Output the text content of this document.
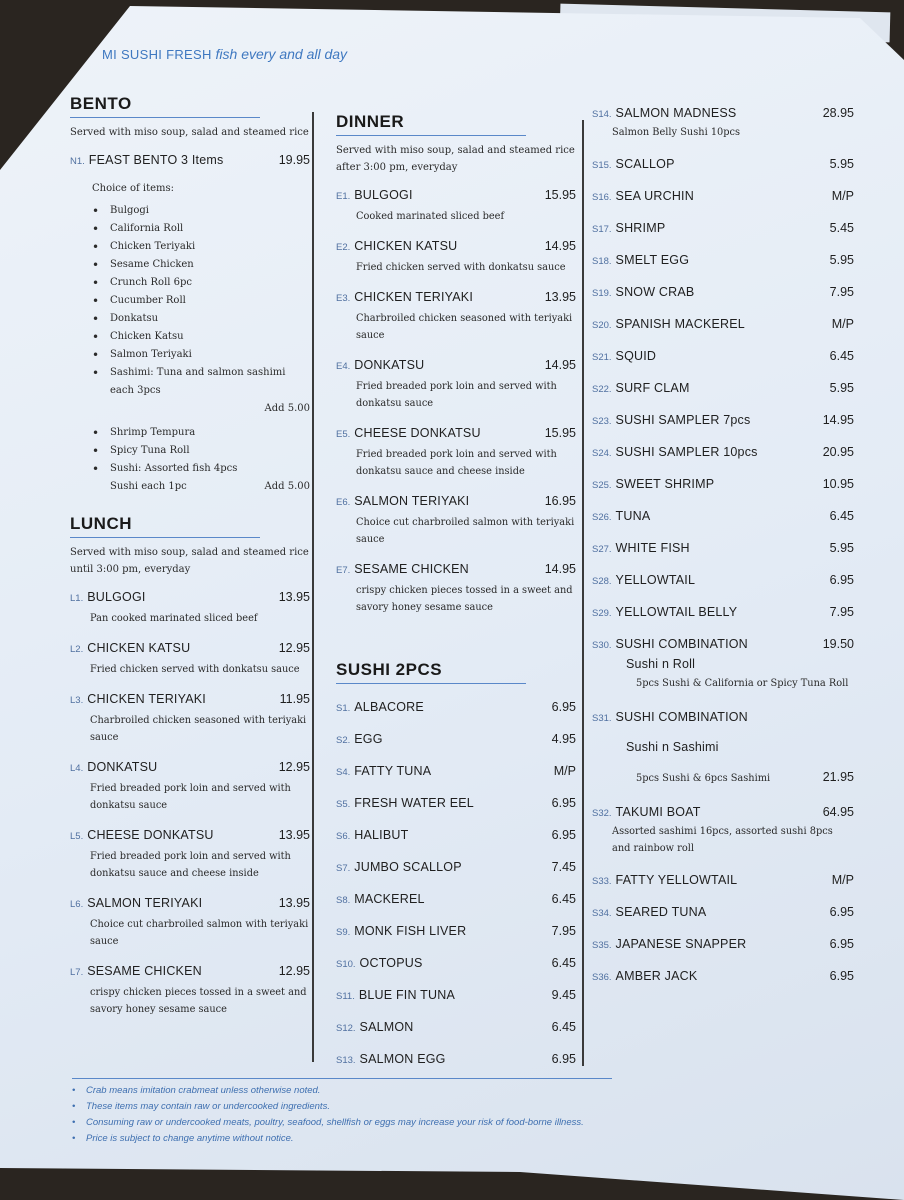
MI SUSHI FRESH fish every and all day
BENTO
Served with miso soup, salad and steamed rice
N1. FEAST BENTO 3 Items	19.95
Choice of items:
• Bulgogi
• California Roll
• Chicken Teriyaki
• Sesame Chicken
• Crunch Roll 6pc
• Cucumber Roll
• Donkatsu
• Chicken Katsu
• Salmon Teriyaki
• Sashimi: Tuna and salmon sashimi each 3pcs
Add 5.00
• Shrimp Tempura
• Spicy Tuna Roll
• Sushi: Assorted fish 4pcs
Sushi each 1pc	Add 5.00
LUNCH
Served with miso soup, salad and steamed rice until 3:00 pm, everyday
L1. BULGOGI	13.95
Pan cooked marinated sliced beef
L2. CHICKEN KATSU	12.95
Fried chicken served with donkatsu sauce
L3. CHICKEN TERIYAKI	11.95
Charbroiled chicken seasoned with teriyaki sauce
L4. DONKATSU	12.95
Fried breaded pork loin and served with donkatsu sauce
L5. CHEESE DONKATSU	13.95
Fried breaded pork loin and served with donkatsu sauce and cheese inside
L6. SALMON TERIYAKI	13.95
Choice cut charbroiled salmon with teriyaki sauce
L7. SESAME CHICKEN	12.95
crispy chicken pieces tossed in a sweet and savory honey sesame sauce
DINNER
Served with miso soup, salad and steamed rice after 3:00 pm, everyday
E1. BULGOGI	15.95
Cooked marinated sliced beef
E2. CHICKEN KATSU	14.95
Fried chicken served with donkatsu sauce
E3. CHICKEN TERIYAKI	13.95
Charbroiled chicken seasoned with teriyaki sauce
E4. DONKATSU	14.95
Fried breaded pork loin and served with donkatsu sauce
E5. CHEESE DONKATSU	15.95
Fried breaded pork loin and served with donkatsu sauce and cheese inside
E6. SALMON TERIYAKI	16.95
Choice cut charbroiled salmon with teriyaki sauce
E7. SESAME CHICKEN	14.95
crispy chicken pieces tossed in a sweet and savory honey sesame sauce
SUSHI 2PCS
S1. ALBACORE	6.95
S2. EGG	4.95
S4. FATTY TUNA	M/P
S5. FRESH WATER EEL	6.95
S6. HALIBUT	6.95
S7. JUMBO SCALLOP	7.45
S8. MACKEREL	6.45
S9. MONK FISH LIVER	7.95
S10. OCTOPUS	6.45
S11. BLUE FIN TUNA	9.45
S12. SALMON	6.45
S13. SALMON EGG	6.95
S14. SALMON MADNESS	28.95
Salmon Belly Sushi 10pcs
S15. SCALLOP	5.95
S16. SEA URCHIN	M/P
S17. SHRIMP	5.45
S18. SMELT EGG	5.95
S19. SNOW CRAB	7.95
S20. SPANISH MACKEREL	M/P
S21. SQUID	6.45
S22. SURF CLAM	5.95
S23. SUSHI SAMPLER 7pcs	14.95
S24. SUSHI SAMPLER 10pcs	20.95
S25. SWEET SHRIMP	10.95
S26. TUNA	6.45
S27. WHITE FISH	5.95
S28. YELLOWTAIL	6.95
S29. YELLOWTAIL BELLY	7.95
S30. SUSHI COMBINATION	19.50
Sushi n Roll
5pcs Sushi & California or Spicy Tuna Roll
S31. SUSHI COMBINATION
Sushi n Sashimi
5pcs Sushi & 6pcs Sashimi	21.95
S32. TAKUMI BOAT	64.95
Assorted sashimi 16pcs, assorted sushi 8pcs and rainbow roll
S33. FATTY YELLOWTAIL	M/P
S34. SEARED TUNA	6.95
S35. JAPANESE SNAPPER	6.95
S36. AMBER JACK	6.95
• Crab means imitation crabmeat unless otherwise noted.
• These items may contain raw or undercooked ingredients.
• Consuming raw or undercooked meats, poultry, seafood, shellfish or eggs may increase your risk of food-borne illness.
• Price is subject to change anytime without notice.
